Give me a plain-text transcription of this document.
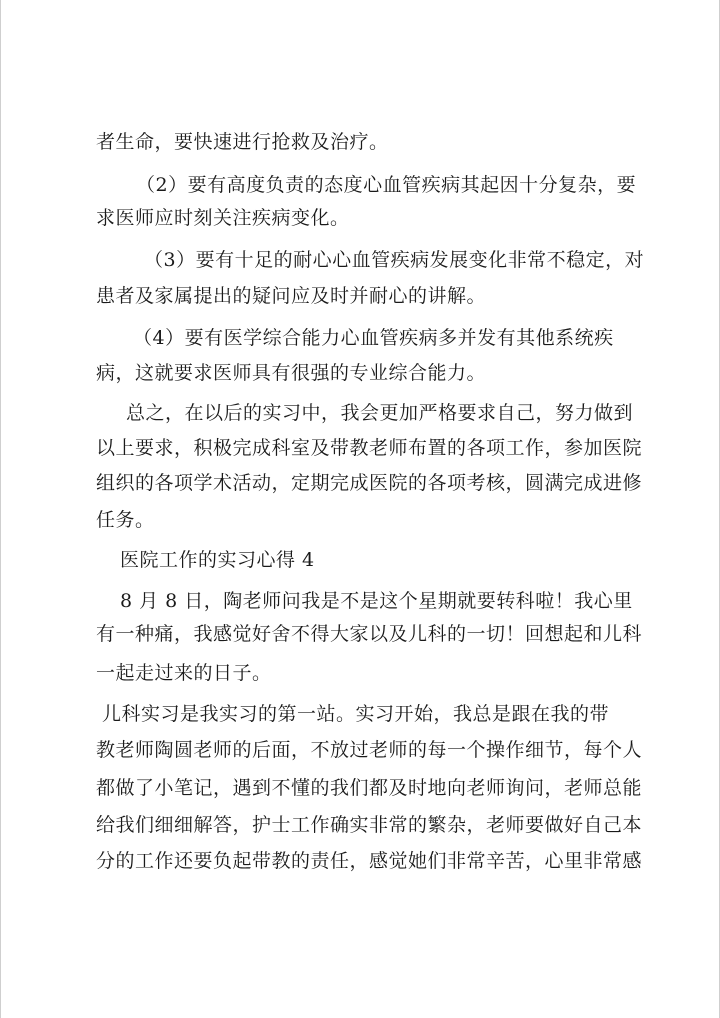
者生命，要快速进行抢救及治疗。
（2）要有高度负责的态度心血管疾病其起因十分复杂，要
求医师应时刻关注疾病变化。
（3）要有十足的耐心心血管疾病发展变化非常不稳定，对
患者及家属提出的疑问应及时并耐心的讲解。
（4）要有医学综合能力心血管疾病多并发有其他系统疾
病，这就要求医师具有很强的专业综合能力。
总之，在以后的实习中，我会更加严格要求自己，努力做到
以上要求，积极完成科室及带教老师布置的各项工作，参加医院
组织的各项学术活动，定期完成医院的各项考核，圆满完成进修
任务。
医院工作的实习心得 4
8 月 8 日，陶老师问我是不是这个星期就要转科啦！我心里
有一种痛，我感觉好舍不得大家以及儿科的一切！回想起和儿科
一起走过来的日子。
儿科实习是我实习的第一站。实习开始，我总是跟在我的带
教老师陶圆老师的后面，不放过老师的每一个操作细节，每个人
都做了小笔记，遇到不懂的我们都及时地向老师询问，老师总能
给我们细细解答，护士工作确实非常的繁杂，老师要做好自己本
分的工作还要负起带教的责任，感觉她们非常辛苦，心里非常感
